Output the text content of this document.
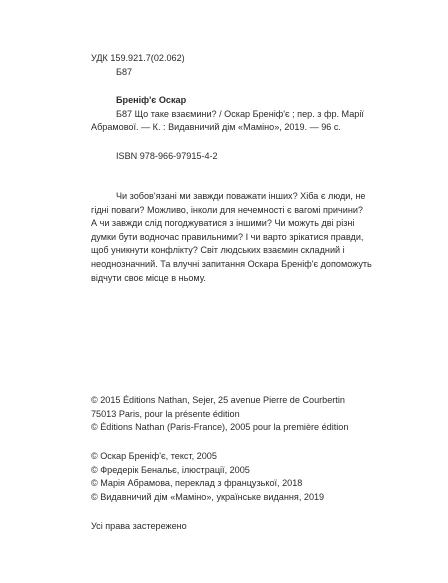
УДК 159.921.7(02.062)
Б87
Бреніф'є Оскар
Б87 Що таке взаємини? / Оскар Бреніф'є ; пер. з фр. Марії
Абрамової. — К. : Видавничий дім «Маміно», 2019. — 96 с.
ISBN 978-966-97915-4-2
Чи зобов'язані ми завжди поважати інших? Хіба є люди, не
гідні поваги? Можливо, інколи для нечемності є вагомі причини?
А чи завжди слід погоджуватися з іншими? Чи можуть дві різні
думки бути водночас правильними? І чи варто зрікатися правди,
щоб уникнути конфлікту? Світ людських взаємин складний і
неоднозначний. Та влучні запитання Оскара Бреніф'є допоможуть
відчути своє місце в ньому.
© 2015 Éditions Nathan, Sejer, 25 avenue Pierre de Courbertin
75013 Paris, pour la présente édition
© Éditions Nathan (Paris-France), 2005 pour la première édition
© Оскар Бреніф'є, текст, 2005
© Фредерік Бенальє, ілюстрації, 2005
© Марія Абрамова, переклад з французької, 2018
© Видавничий дім «Маміно», українське видання, 2019
Усі права застережено
